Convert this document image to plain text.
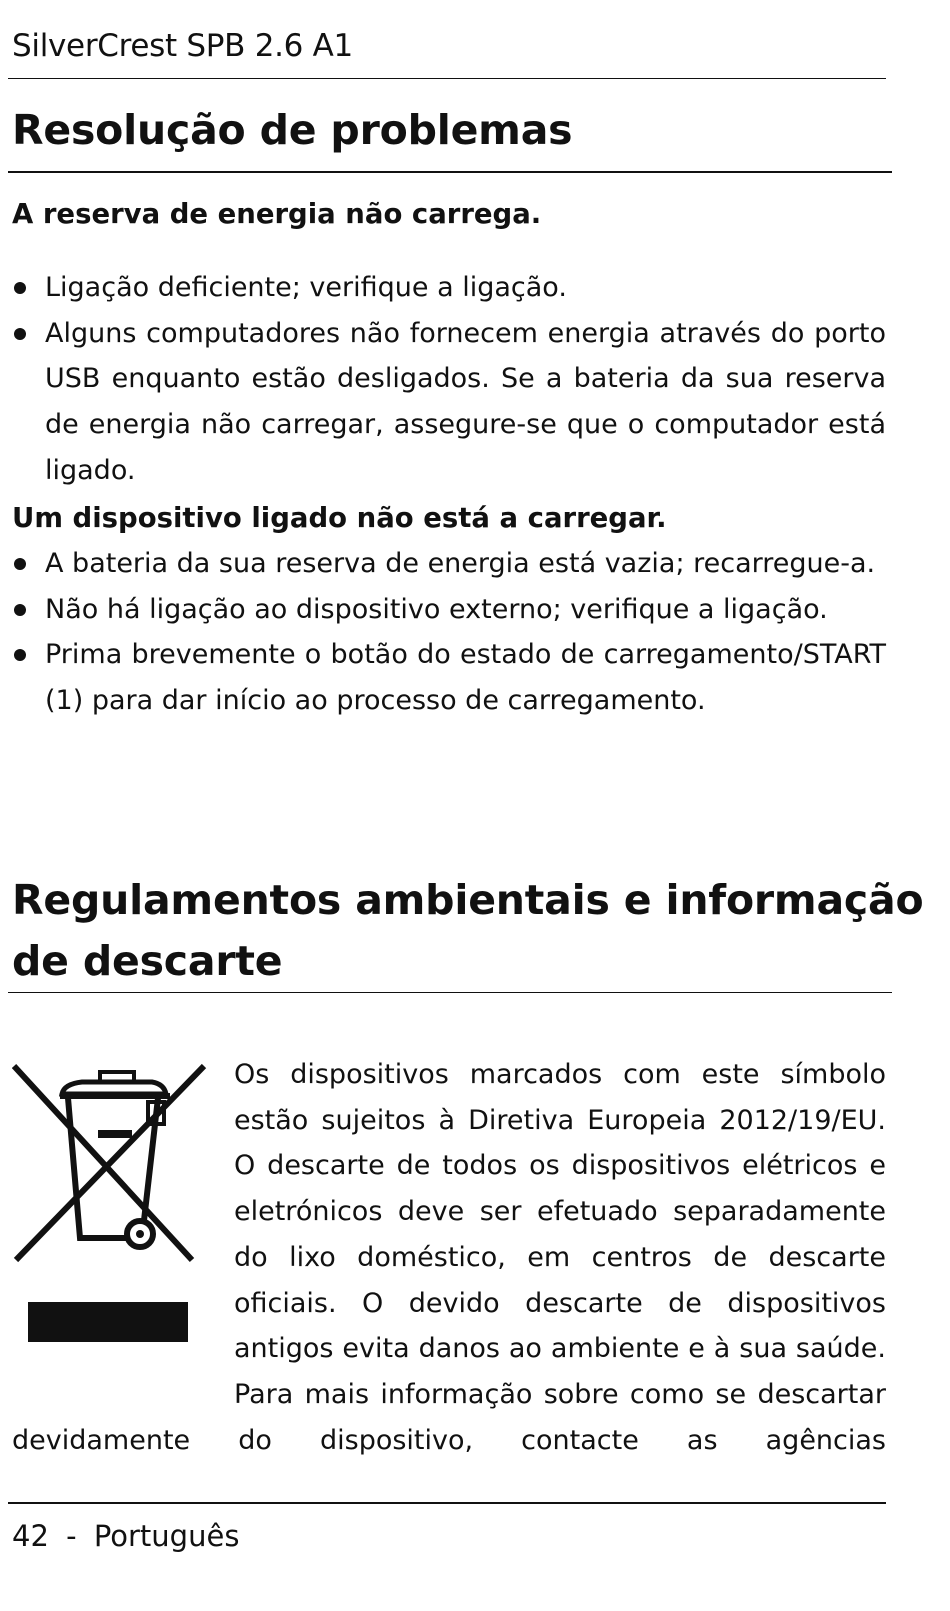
SilverCrest SPB 2.6 A1
Resolução de problemas
A reserva de energia não carrega.
Ligação deficiente; verifique a ligação.
Alguns computadores não fornecem energia através do porto USB enquanto estão desligados. Se a bateria da sua reserva de energia não carregar, assegure-se que o computador está ligado.
Um dispositivo ligado não está a carregar.
A bateria da sua reserva de energia está vazia; recarregue-a.
Não há ligação ao dispositivo externo; verifique a ligação.
Prima brevemente o botão do estado de carregamento/START (1) para dar início ao processo de carregamento.
Regulamentos ambientais e informação
de descarte

Os dispositivos marcados com este símbolo estão sujeitos à Diretiva Europeia 2012/19/EU. O descarte de todos os dispositivos elétricos e eletrónicos deve ser efetuado separadamente do lixo doméstico, em centros de descarte oficiais. O devido descarte de dispositivos antigos evita danos ao ambiente e à sua saúde. Para mais informação sobre como se descartar devidamente do dispositivo, contacte as agências

42 - Português
